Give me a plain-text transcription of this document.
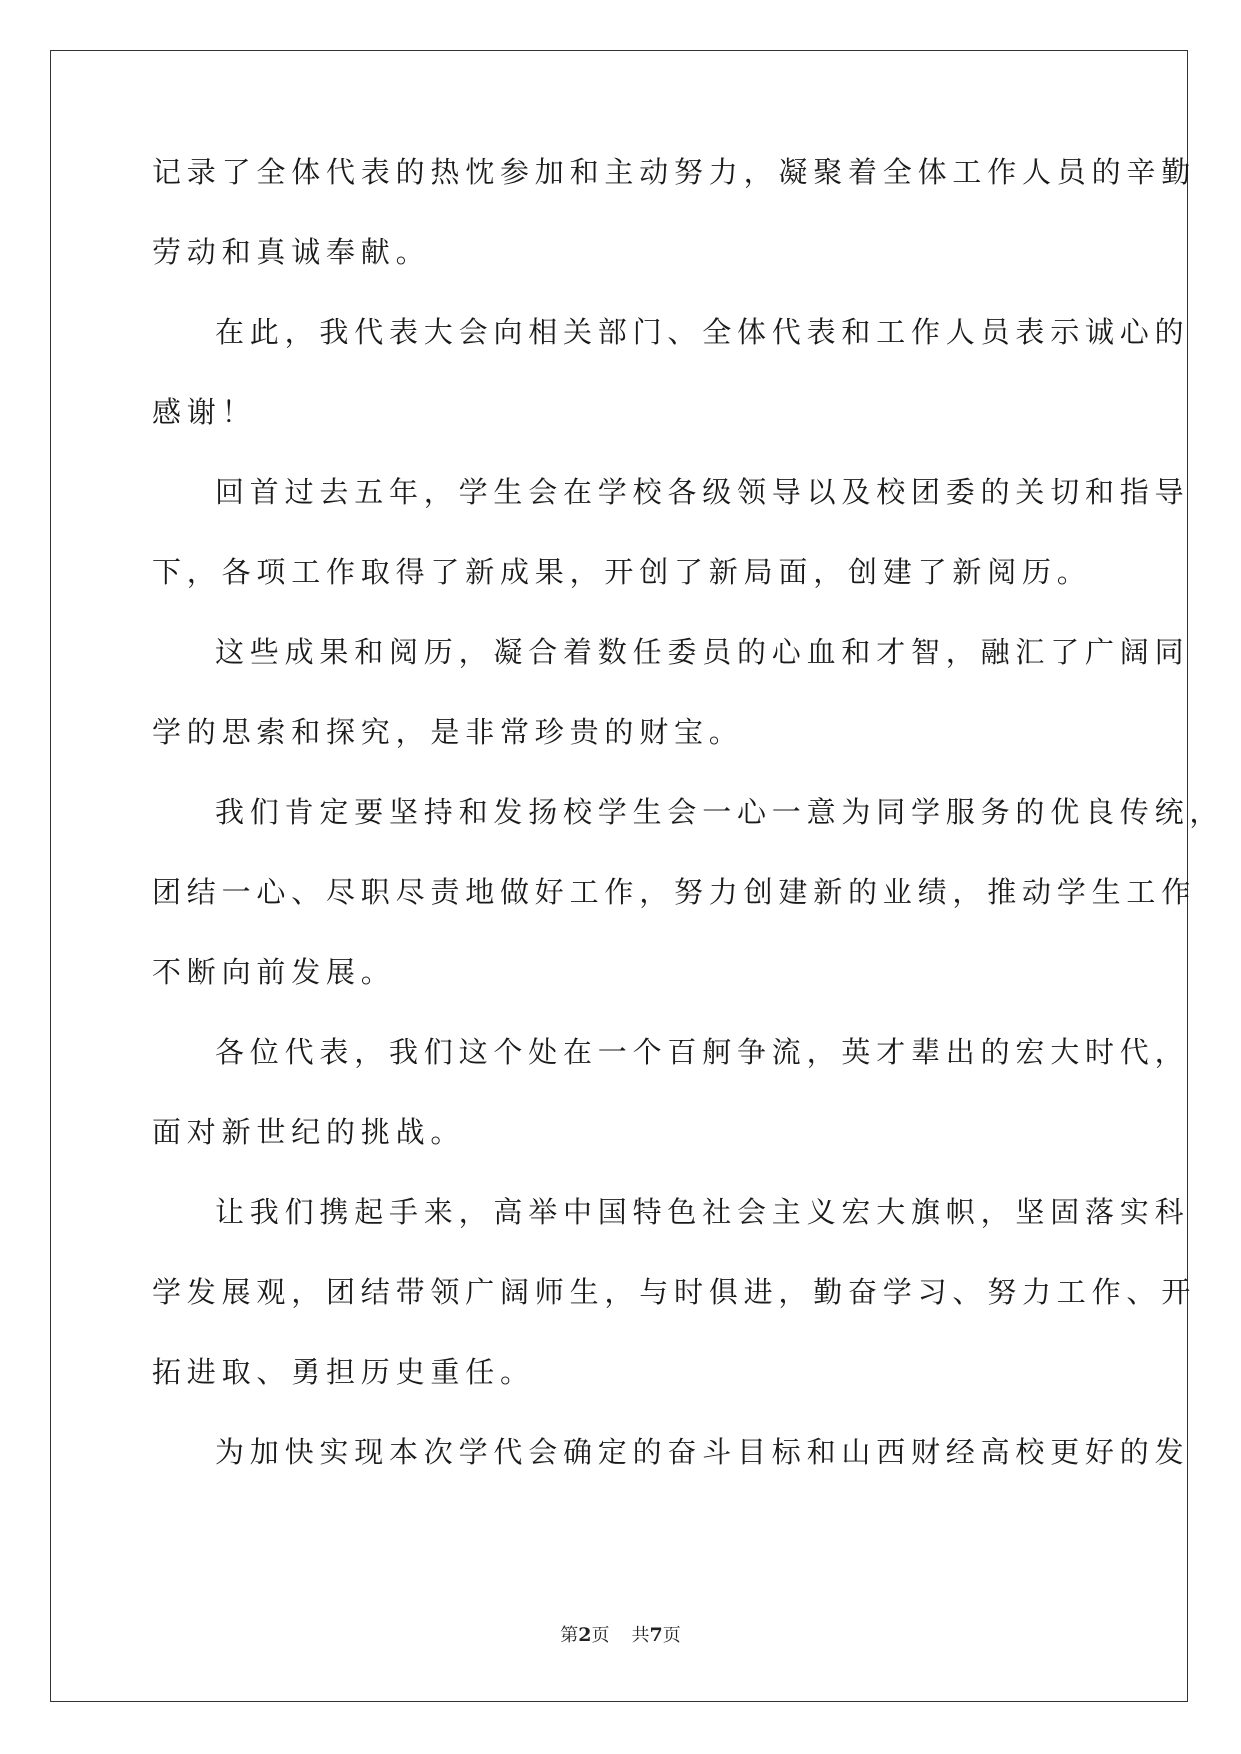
记录了全体代表的热忱参加和主动努力，凝聚着全体工作人员的辛勤
劳动和真诚奉献。
在此，我代表大会向相关部门、全体代表和工作人员表示诚心的
感谢！
回首过去五年，学生会在学校各级领导以及校团委的关切和指导
下，各项工作取得了新成果，开创了新局面，创建了新阅历。
这些成果和阅历，凝合着数任委员的心血和才智，融汇了广阔同
学的思索和探究，是非常珍贵的财宝。
我们肯定要坚持和发扬校学生会一心一意为同学服务的优良传统，
团结一心、尽职尽责地做好工作，努力创建新的业绩，推动学生工作
不断向前发展。
各位代表，我们这个处在一个百舸争流，英才辈出的宏大时代，
面对新世纪的挑战。
让我们携起手来，高举中国特色社会主义宏大旗帜，坚固落实科
学发展观，团结带领广阔师生，与时俱进，勤奋学习、努力工作、开
拓进取、勇担历史重任。
为加快实现本次学代会确定的奋斗目标和山西财经高校更好的发
第2页 共7页
